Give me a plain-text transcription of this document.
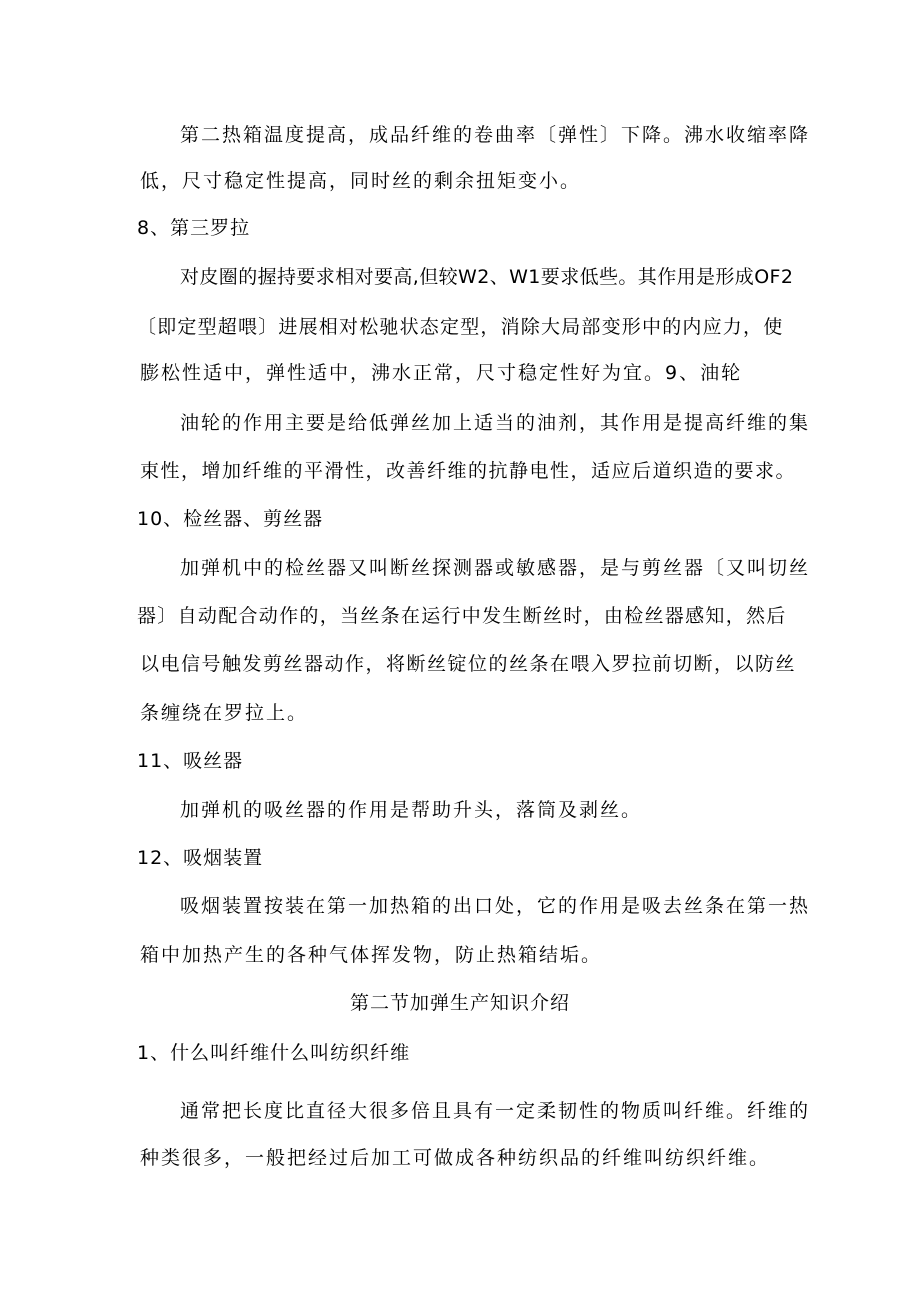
第二热箱温度提高，成品纤维的卷曲率〔弹性〕下降。沸水收缩率降
低，尺寸稳定性提高，同时丝的剩余扭矩变小。
8、第三罗拉
对皮圈的握持要求相对要高,但较W2、W1要求低些。其作用是形成OF2
〔即定型超喂〕进展相对松驰状态定型，消除大局部变形中的内应力，使
膨松性适中，弹性适中，沸水正常，尺寸稳定性好为宜。9、油轮
油轮的作用主要是给低弹丝加上适当的油剂，其作用是提高纤维的集
束性，增加纤维的平滑性，改善纤维的抗静电性，适应后道织造的要求。
10、检丝器、剪丝器
加弹机中的检丝器又叫断丝探测器或敏感器，是与剪丝器〔又叫切丝
器〕自动配合动作的，当丝条在运行中发生断丝时，由检丝器感知，然后
以电信号触发剪丝器动作，将断丝锭位的丝条在喂入罗拉前切断，以防丝
条缠绕在罗拉上。
11、吸丝器
加弹机的吸丝器的作用是帮助升头，落筒及剥丝。
12、吸烟装置
吸烟装置按装在第一加热箱的出口处，它的作用是吸去丝条在第一热
箱中加热产生的各种气体挥发物，防止热箱结垢。
第二节加弹生产知识介绍
1、什么叫纤维什么叫纺织纤维
通常把长度比直径大很多倍且具有一定柔韧性的物质叫纤维。纤维的
种类很多，一般把经过后加工可做成各种纺织品的纤维叫纺织纤维。
